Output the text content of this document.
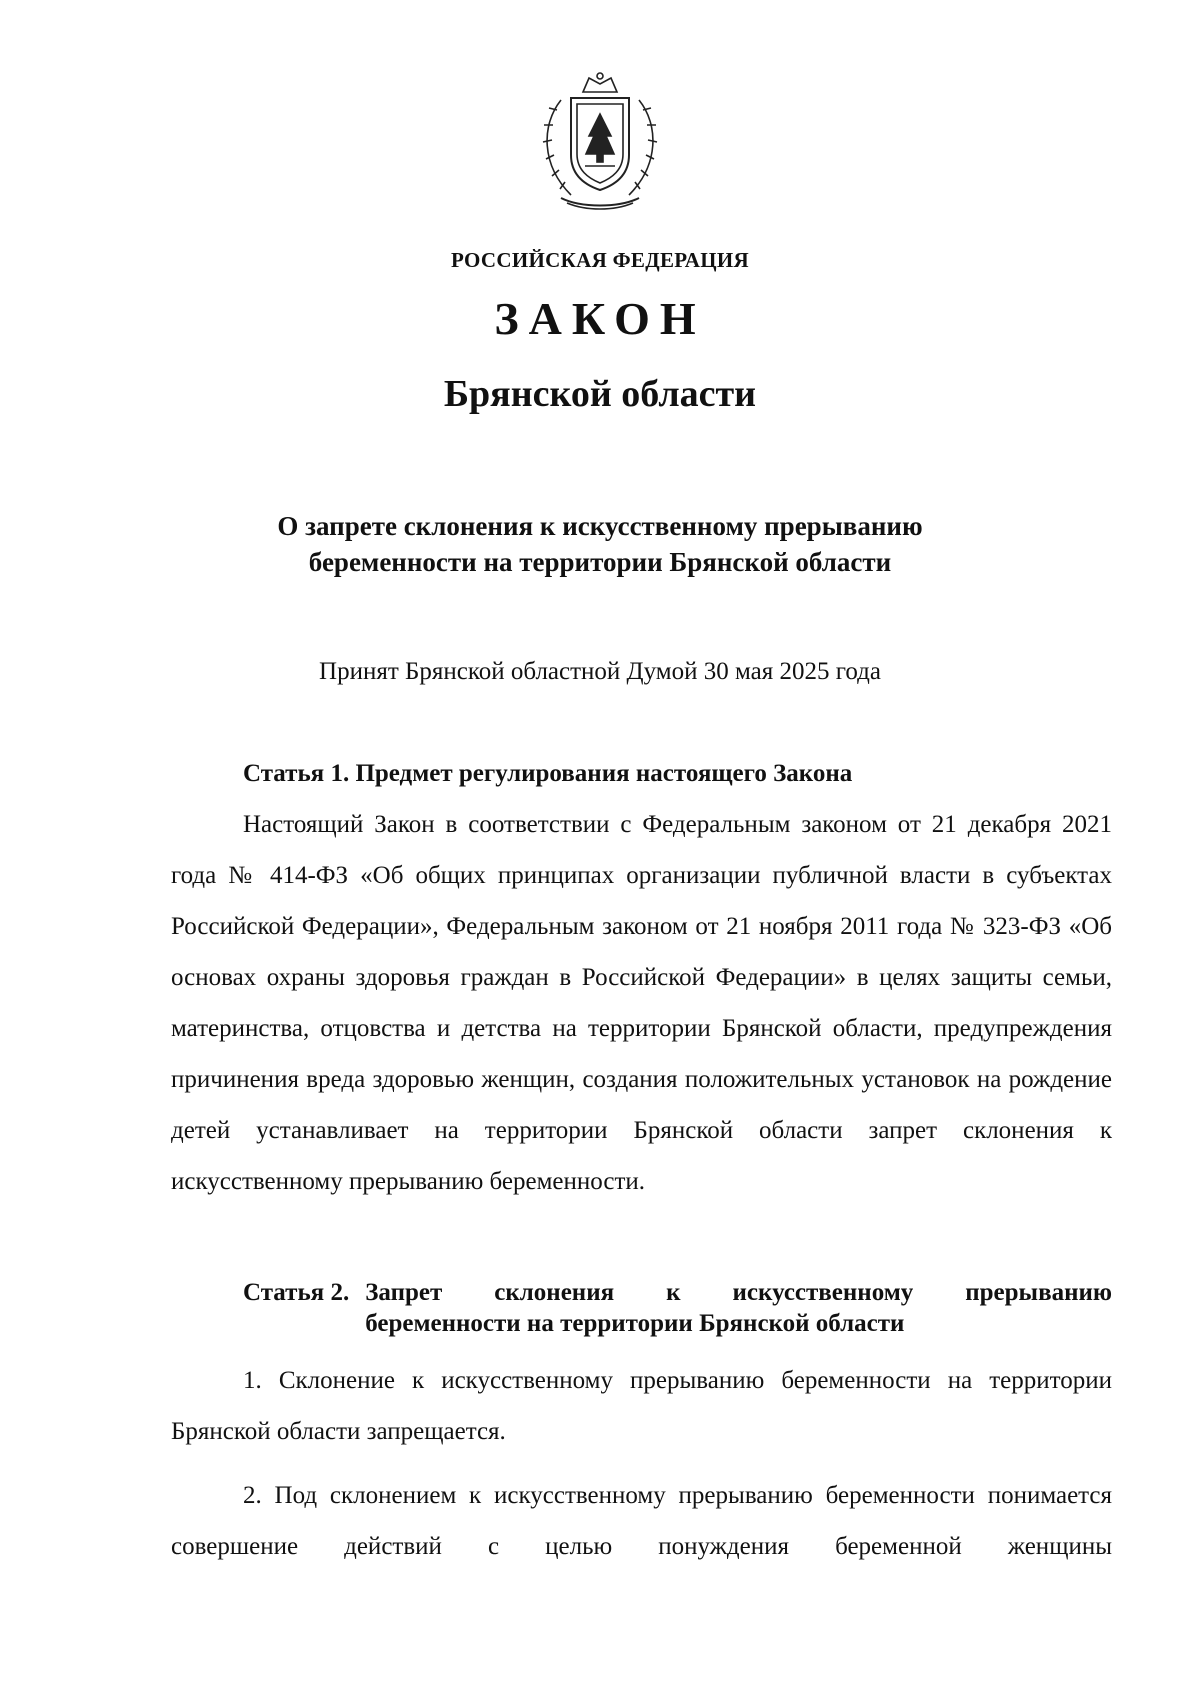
РОССИЙСКАЯ ФЕДЕРАЦИЯ
ЗАКОН
Брянской области
О запрете склонения к искусственному прерыванию
беременности на территории Брянской области
Принят Брянской областной Думой 30 мая 2025 года
Статья 1. Предмет регулирования настоящего Закона

Настоящий Закон в соответствии с Федеральным законом от 21 декабря 2021 года № 414-ФЗ «Об общих принципах организации публичной власти в субъектах Российской Федерации», Федеральным законом от 21 ноября 2011 года № 323-ФЗ «Об основах охраны здоровья граждан в Российской Федерации» в целях защиты семьи, материнства, отцовства и детства на территории Брянской области, предупреждения причинения вреда здоровью женщин, создания положительных установок на рождение детей устанавливает на территории Брянской области запрет склонения к искусственному прерыванию беременности.

Статья 2. Запрет склонения к искусственному прерыванию
беременности на территории Брянской области

1. Склонение к искусственному прерыванию беременности на территории Брянской области запрещается.

2. Под склонением к искусственному прерыванию беременности понимается совершение действий с целью понуждения беременной женщины
